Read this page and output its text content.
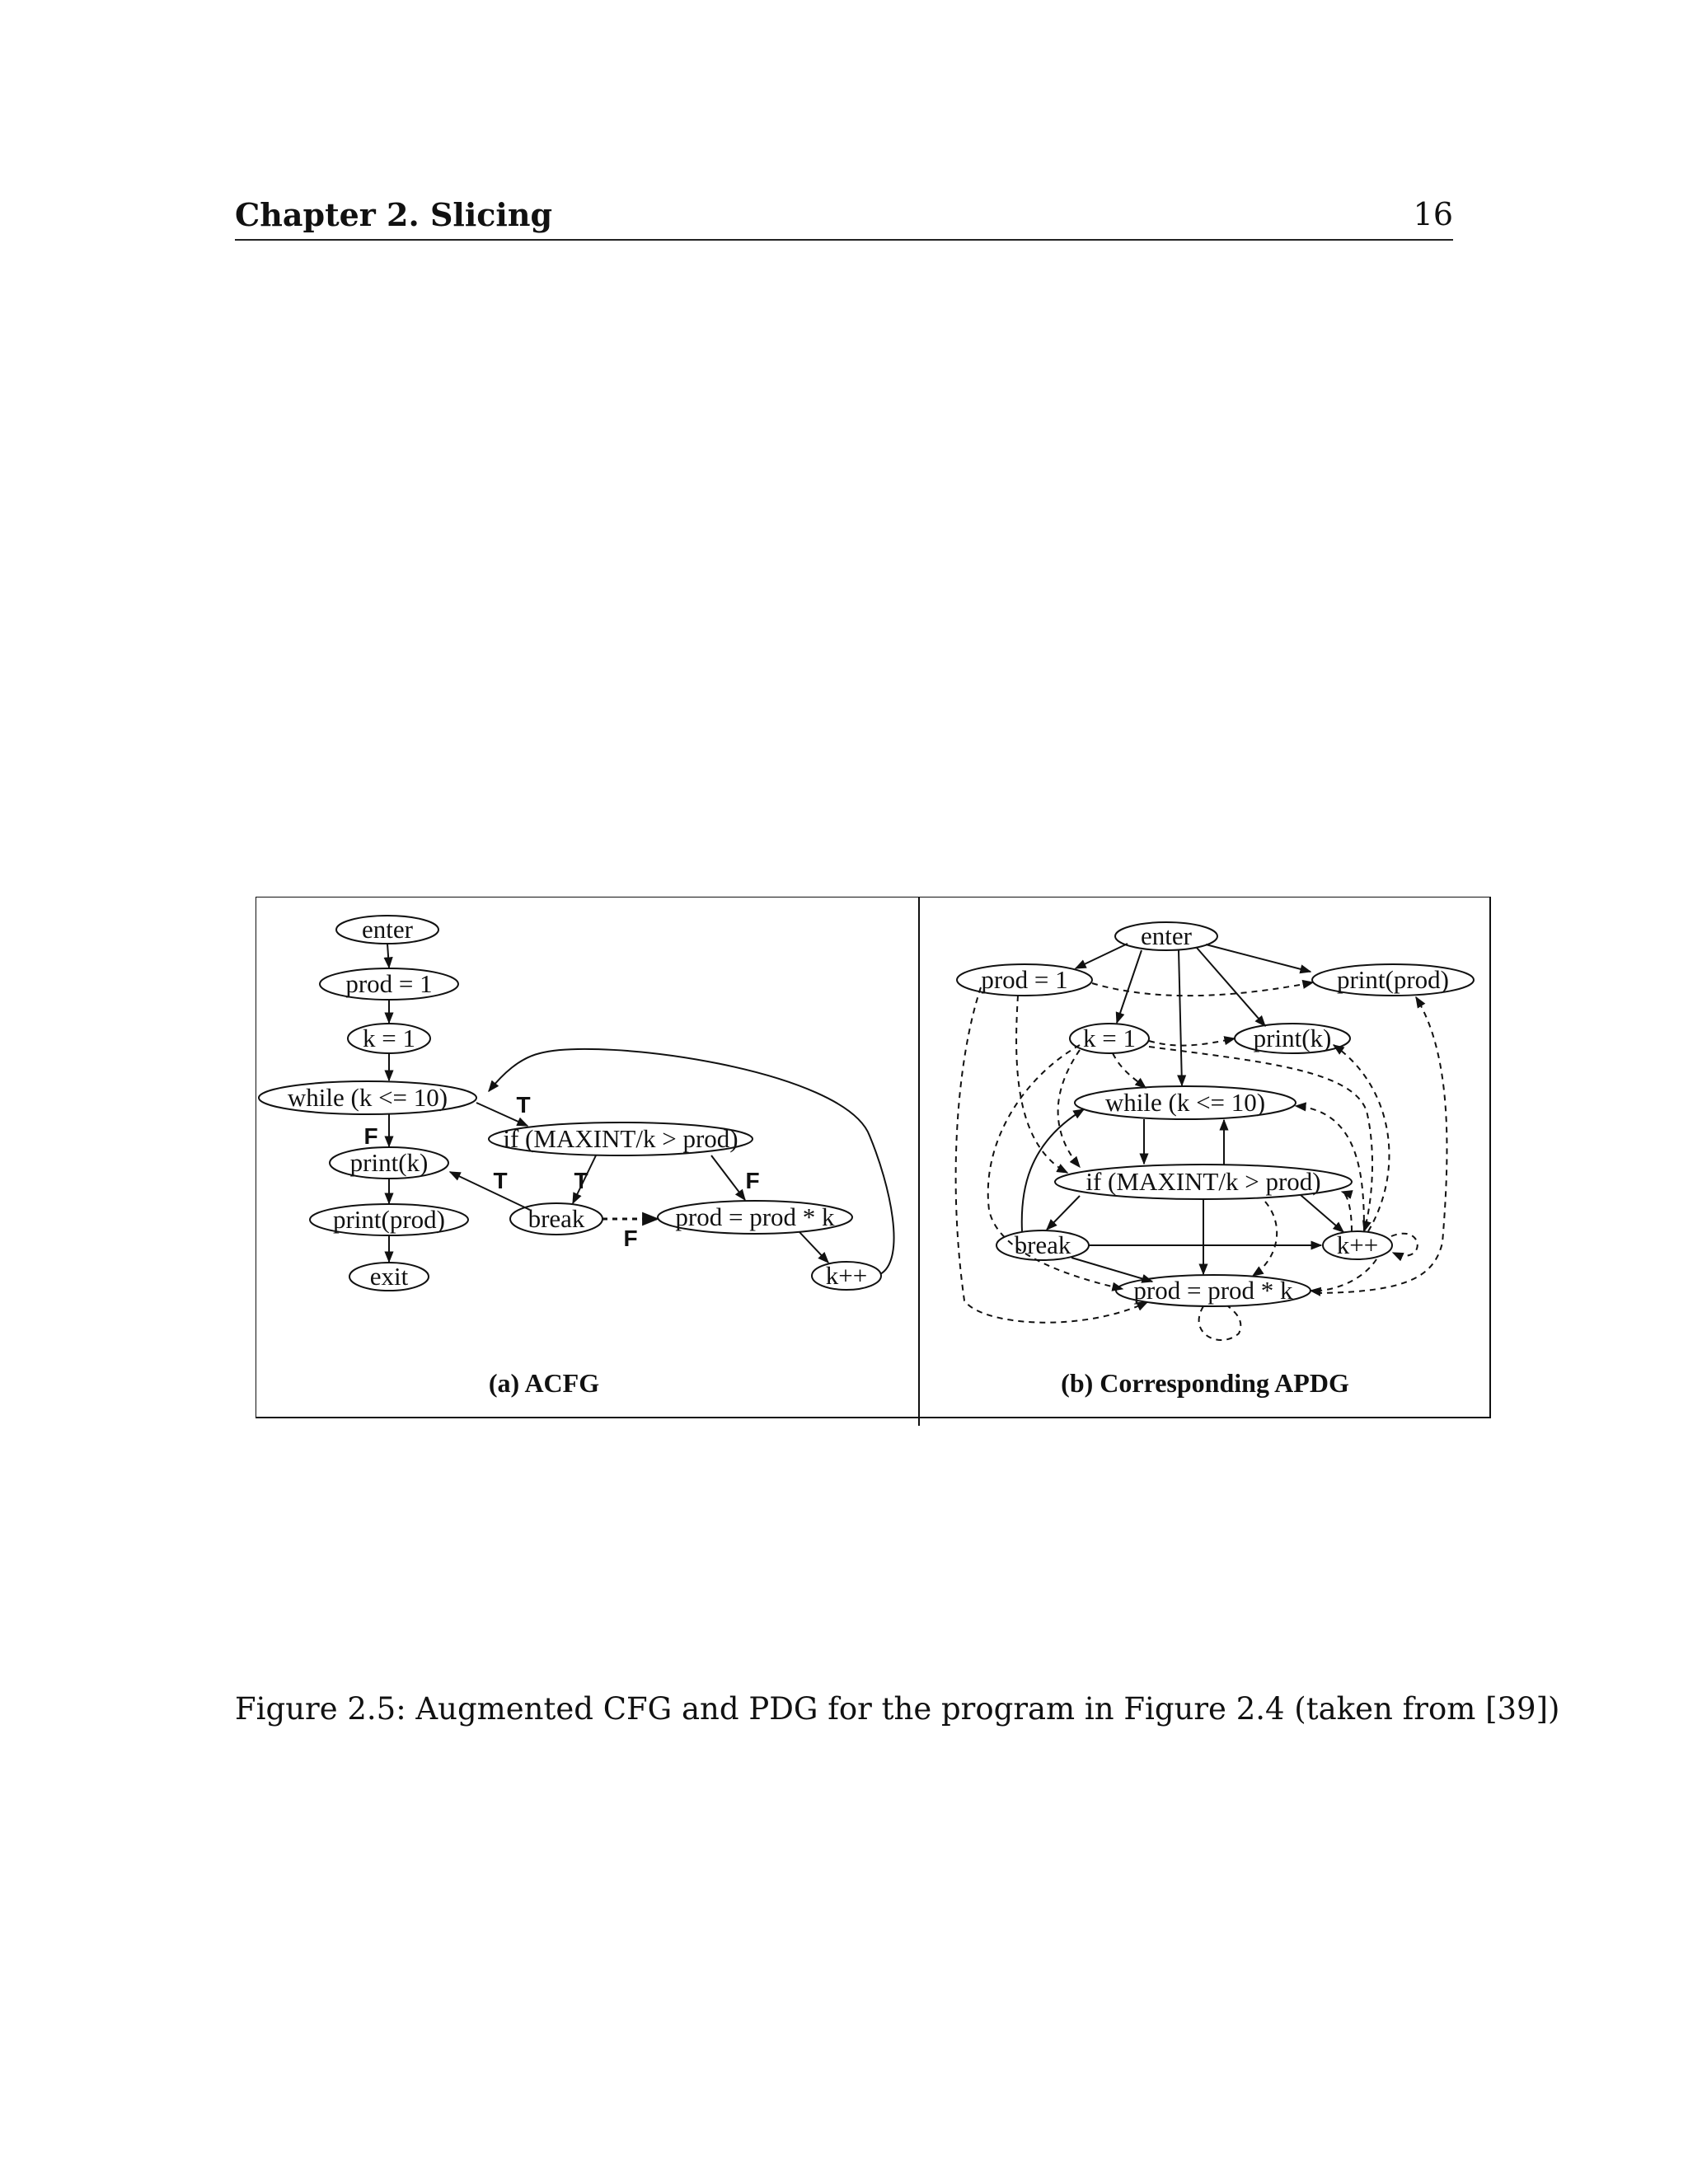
Chapter 2. Slicing	16
enter
prod = 1
k = 1
while (k <= 10)
print(k)
print(prod)
exit
if (MAXINT/k > prod)
break	prod = prod * k
k++
T
F
T	T	F
F
(a) ACFG
enter
prod = 1	print(prod)
k = 1	print(k)
while (k <= 10)
if (MAXINT/k > prod)
break	k++
prod = prod * k
(b) Corresponding APDG
Figure 2.5: Augmented CFG and PDG for the program in Figure 2.4 (taken from [39])
